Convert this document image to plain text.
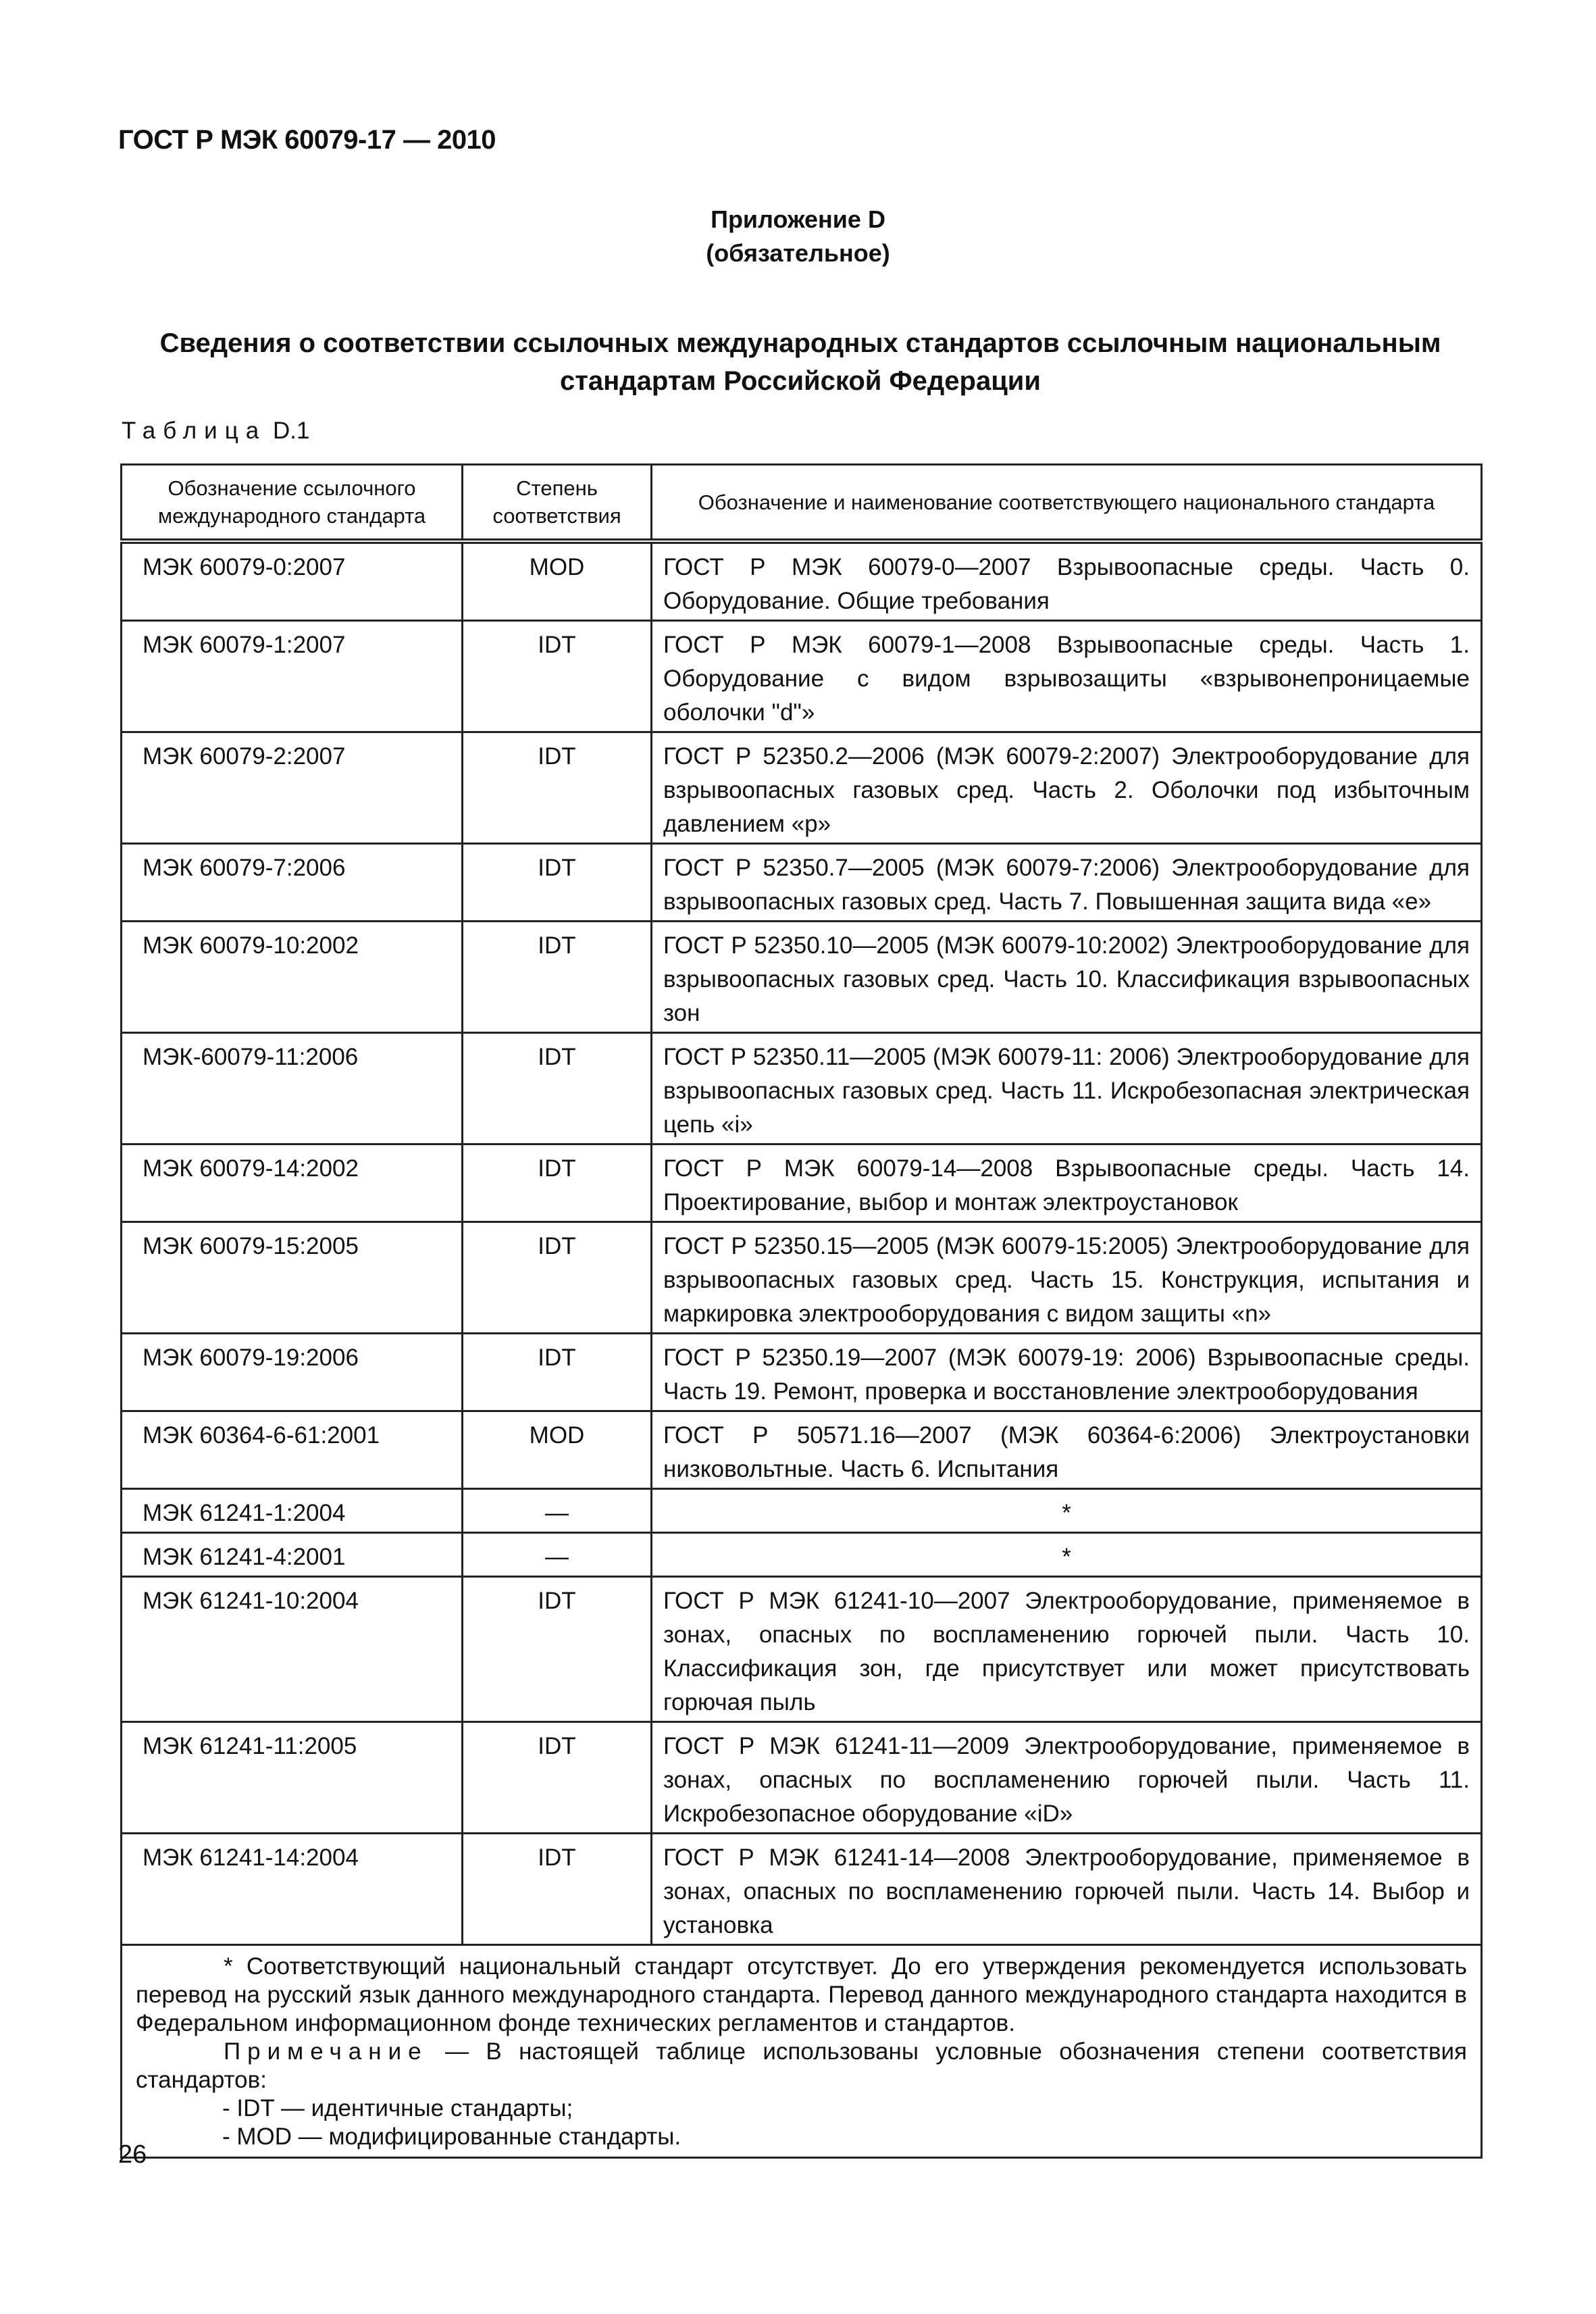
ГОСТ Р МЭК 60079-17 — 2010
Приложение D
(обязательное)
Сведения о соответствии ссылочных международных стандартов ссылочным национальным
стандартам Российской Федерации
Таблица D.1
Обозначение ссылочного международного стандарта	Степень соответствия	Обозначение и наименование соответствующего национального стандарта
МЭК 60079-0:2007	MOD	ГОСТ Р МЭК 60079-0—2007 Взрывоопасные среды. Часть 0. Оборудование. Общие требования
МЭК 60079-1:2007	IDT	ГОСТ Р МЭК 60079-1—2008 Взрывоопасные среды. Часть 1. Оборудование с видом взрывозащиты «взрывонепроницаемые оболочки "d"»
МЭК 60079-2:2007	IDT	ГОСТ Р 52350.2—2006 (МЭК 60079-2:2007) Электрооборудование для взрывоопасных газовых сред. Часть 2. Оболочки под избыточным давлением «р»
МЭК 60079-7:2006	IDT	ГОСТ Р 52350.7—2005 (МЭК 60079-7:2006) Электрооборудование для взрывоопасных газовых сред. Часть 7. Повышенная защита вида «е»
МЭК 60079-10:2002	IDT	ГОСТ Р 52350.10—2005 (МЭК 60079-10:2002) Электрооборудование для взрывоопасных газовых сред. Часть 10. Классификация взрывоопасных зон
МЭК-60079-11:2006	IDT	ГОСТ Р 52350.11—2005 (МЭК 60079-11: 2006) Электрооборудование для взрывоопасных газовых сред. Часть 11. Искробезопасная электрическая цепь «i»
МЭК 60079-14:2002	IDT	ГОСТ Р МЭК 60079-14—2008 Взрывоопасные среды. Часть 14. Проектирование, выбор и монтаж электроустановок
МЭК 60079-15:2005	IDT	ГОСТ Р 52350.15—2005 (МЭК 60079-15:2005) Электрооборудование для взрывоопасных газовых сред. Часть 15. Конструкция, испытания и маркировка электрооборудования с видом защиты «n»
МЭК 60079-19:2006	IDT	ГОСТ Р 52350.19—2007 (МЭК 60079-19: 2006) Взрывоопасные среды. Часть 19. Ремонт, проверка и восстановление электрооборудования
МЭК 60364-6-61:2001	MOD	ГОСТ Р 50571.16—2007 (МЭК 60364-6:2006) Электроустановки низковольтные. Часть 6. Испытания
МЭК 61241-1:2004	—	*
МЭК 61241-4:2001	—	*
МЭК 61241-10:2004	IDT	ГОСТ Р МЭК 61241-10—2007 Электрооборудование, применяемое в зонах, опасных по воспламенению горючей пыли. Часть 10. Классификация зон, где присутствует или может присутствовать горючая пыль
МЭК 61241-11:2005	IDT	ГОСТ Р МЭК 61241-11—2009 Электрооборудование, применяемое в зонах, опасных по воспламенению горючей пыли. Часть 11. Искробезопасное оборудование «iD»
МЭК 61241-14:2004	IDT	ГОСТ Р МЭК 61241-14—2008 Электрооборудование, применяемое в зонах, опасных по воспламенению горючей пыли. Часть 14. Выбор и установка

* Соответствующий национальный стандарт отсутствует. До его утверждения рекомендуется использовать перевод на русский язык данного международного стандарта. Перевод данного международного стандарта находится в Федеральном информационном фонде технических регламентов и стандартов.

Примечание — В настоящей таблице использованы условные обозначения степени соответствия стандартов:

- IDT — идентичные стандарты;

- MOD — модифицированные стандарты.		

26
